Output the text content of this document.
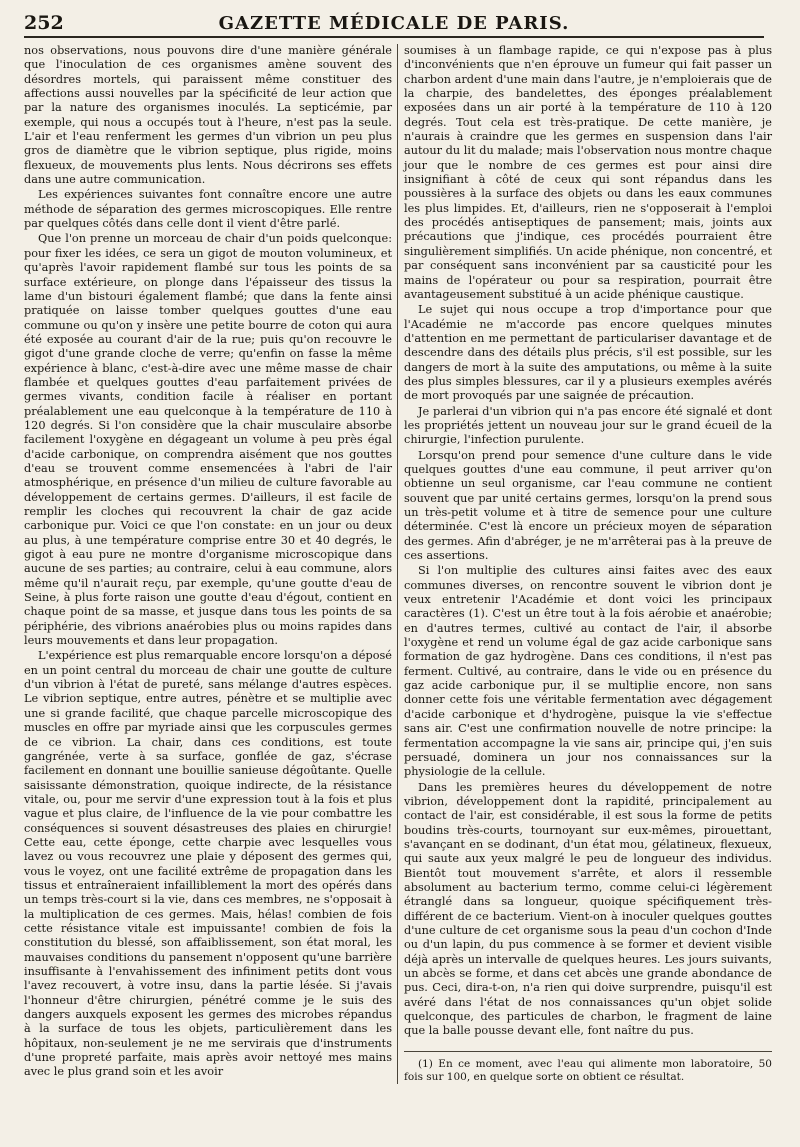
252	GAZETTE MÉDICALE DE PARIS.

nos observations, nous pouvons dire d'une manière générale que l'inoculation de ces organismes amène souvent des désordres mortels, qui paraissent même constituer des affections aussi nouvelles par la spécificité de leur action que par la nature des organismes inoculés. La septicémie, par exemple, qui nous a occupés tout à l'heure, n'est pas la seule. L'air et l'eau renferment les germes d'un vibrion un peu plus gros de diamètre que le vibrion septique, plus rigide, moins flexueux, de mouvements plus lents. Nous décrirons ses effets dans une autre communication.

Les expériences suivantes font connaître encore une autre méthode de séparation des germes microscopiques. Elle rentre par quelques côtés dans celle dont il vient d'être parlé.

Que l'on prenne un morceau de chair d'un poids quelconque: pour fixer les idées, ce sera un gigot de mouton volumineux, et qu'après l'avoir rapidement flambé sur tous les points de sa surface extérieure, on plonge dans l'épaisseur des tissus la lame d'un bistouri également flambé; que dans la fente ainsi pratiquée on laisse tomber quelques gouttes d'une eau commune ou qu'on y insère une petite bourre de coton qui aura été exposée au courant d'air de la rue; puis qu'on recouvre le gigot d'une grande cloche de verre; qu'enfin on fasse la même expérience à blanc, c'est-à-dire avec une même masse de chair flambée et quelques gouttes d'eau parfaitement privées de germes vivants, condition facile à réaliser en portant préalablement une eau quelconque à la température de 110 à 120 degrés. Si l'on considère que la chair musculaire absorbe facilement l'oxygène en dégageant un volume à peu près égal d'acide carbonique, on comprendra aisément que nos gouttes d'eau se trouvent comme ensemencées à l'abri de l'air atmosphérique, en présence d'un milieu de culture favorable au développement de certains germes. D'ailleurs, il est facile de remplir les cloches qui recouvrent la chair de gaz acide carbonique pur. Voici ce que l'on constate: en un jour ou deux au plus, à une température comprise entre 30 et 40 degrés, le gigot à eau pure ne montre d'organisme microscopique dans aucune de ses parties; au contraire, celui à eau commune, alors même qu'il n'aurait reçu, par exemple, qu'une goutte d'eau de Seine, à plus forte raison une goutte d'eau d'égout, contient en chaque point de sa masse, et jusque dans tous les points de sa périphérie, des vibrions anaérobies plus ou moins rapides dans leurs mouvements et dans leur propagation.

L'expérience est plus remarquable encore lorsqu'on a déposé en un point central du morceau de chair une goutte de culture d'un vibrion à l'état de pureté, sans mélange d'autres espèces. Le vibrion septique, entre autres, pénètre et se multiplie avec une si grande facilité, que chaque parcelle microscopique des muscles en offre par myriade ainsi que les corpuscules germes de ce vibrion. La chair, dans ces conditions, est toute gangrénée, verte à sa surface, gonflée de gaz, s'écrase facilement en donnant une bouillie sanieuse dégoûtante. Quelle saisissante démonstration, quoique indirecte, de la résistance vitale, ou, pour me servir d'une expression tout à la fois et plus vague et plus claire, de l'influence de la vie pour combattre les conséquences si souvent désastreuses des plaies en chirurgie! Cette eau, cette éponge, cette charpie avec lesquelles vous lavez ou vous recouvrez une plaie y déposent des germes qui, vous le voyez, ont une facilité extrême de propagation dans les tissus et entraîneraient infailliblement la mort des opérés dans un temps très-court si la vie, dans ces membres, ne s'opposait à la multiplication de ces germes. Mais, hélas! combien de fois cette résistance vitale est impuissante! combien de fois la constitution du blessé, son affaiblissement, son état moral, les mauvaises conditions du pansement n'opposent qu'une barrière insuffisante à l'envahissement des infiniment petits dont vous l'avez recouvert, à votre insu, dans la partie lésée. Si j'avais l'honneur d'être chirurgien, pénétré comme je le suis des dangers auxquels exposent les germes des microbes répandus à la surface de tous les objets, particulièrement dans les hôpitaux, non-seulement je ne me servirais que d'instruments d'une propreté parfaite, mais après avoir nettoyé mes mains avec le plus grand soin et les avoir

soumises à un flambage rapide, ce qui n'expose pas à plus d'inconvénients que n'en éprouve un fumeur qui fait passer un charbon ardent d'une main dans l'autre, je n'emploierais que de la charpie, des bandelettes, des éponges préalablement exposées dans un air porté à la température de 110 à 120 degrés. Tout cela est très-pratique. De cette manière, je n'aurais à craindre que les germes en suspension dans l'air autour du lit du malade; mais l'observation nous montre chaque jour que le nombre de ces germes est pour ainsi dire insignifiant à côté de ceux qui sont répandus dans les poussières à la surface des objets ou dans les eaux communes les plus limpides. Et, d'ailleurs, rien ne s'opposerait à l'emploi des procédés antiseptiques de pansement; mais, joints aux précautions que j'indique, ces procédés pourraient être singulièrement simplifiés. Un acide phénique, non concentré, et par conséquent sans inconvénient par sa causticité pour les mains de l'opérateur ou pour sa respiration, pourrait être avantageusement substitué à un acide phénique caustique.

Le sujet qui nous occupe a trop d'importance pour que l'Académie ne m'accorde pas encore quelques minutes d'attention en me permettant de particulariser davantage et de descendre dans des détails plus précis, s'il est possible, sur les dangers de mort à la suite des amputations, ou même à la suite des plus simples blessures, car il y a plusieurs exemples avérés de mort provoqués par une saignée de précaution.

Je parlerai d'un vibrion qui n'a pas encore été signalé et dont les propriétés jettent un nouveau jour sur le grand écueil de la chirurgie, l'infection purulente.

Lorsqu'on prend pour semence d'une culture dans le vide quelques gouttes d'une eau commune, il peut arriver qu'on obtienne un seul organisme, car l'eau commune ne contient souvent que par unité certains germes, lorsqu'on la prend sous un très-petit volume et à titre de semence pour une culture déterminée. C'est là encore un précieux moyen de séparation des germes. Afin d'abréger, je ne m'arrêterai pas à la preuve de ces assertions.

Si l'on multiplie des cultures ainsi faites avec des eaux communes diverses, on rencontre souvent le vibrion dont je veux entretenir l'Académie et dont voici les principaux caractères (1). C'est un être tout à la fois aérobie et anaérobie; en d'autres termes, cultivé au contact de l'air, il absorbe l'oxygène et rend un volume égal de gaz acide carbonique sans formation de gaz hydrogène. Dans ces conditions, il n'est pas ferment. Cultivé, au contraire, dans le vide ou en présence du gaz acide carbonique pur, il se multiplie encore, non sans donner cette fois une véritable fermentation avec dégagement d'acide carbonique et d'hydrogène, puisque la vie s'effectue sans air. C'est une confirmation nouvelle de notre principe: la fermentation accompagne la vie sans air, principe qui, j'en suis persuadé, dominera un jour nos connaissances sur la physiologie de la cellule.

Dans les premières heures du développement de notre vibrion, développement dont la rapidité, principalement au contact de l'air, est considérable, il est sous la forme de petits boudins très-courts, tournoyant sur eux-mêmes, pirouettant, s'avançant en se dodinant, d'un état mou, gélatineux, flexueux, qui saute aux yeux malgré le peu de longueur des individus. Bientôt tout mouvement s'arrête, et alors il ressemble absolument au bacterium termo, comme celui-ci légèrement étranglé dans sa longueur, quoique spécifiquement très-différent de ce bacterium. Vient-on à inoculer quelques gouttes d'une culture de cet organisme sous la peau d'un cochon d'Inde ou d'un lapin, du pus commence à se former et devient visible déjà après un intervalle de quelques heures. Les jours suivants, un abcès se forme, et dans cet abcès une grande abondance de pus. Ceci, dira-t-on, n'a rien qui doive surprendre, puisqu'il est avéré dans l'état de nos connaissances qu'un objet solide quelconque, des particules de charbon, le fragment de laine que la balle pousse devant elle, font naître du pus.

(1) En ce moment, avec l'eau qui alimente mon laboratoire, 50 fois sur 100, en quelque sorte on obtient ce résultat.
